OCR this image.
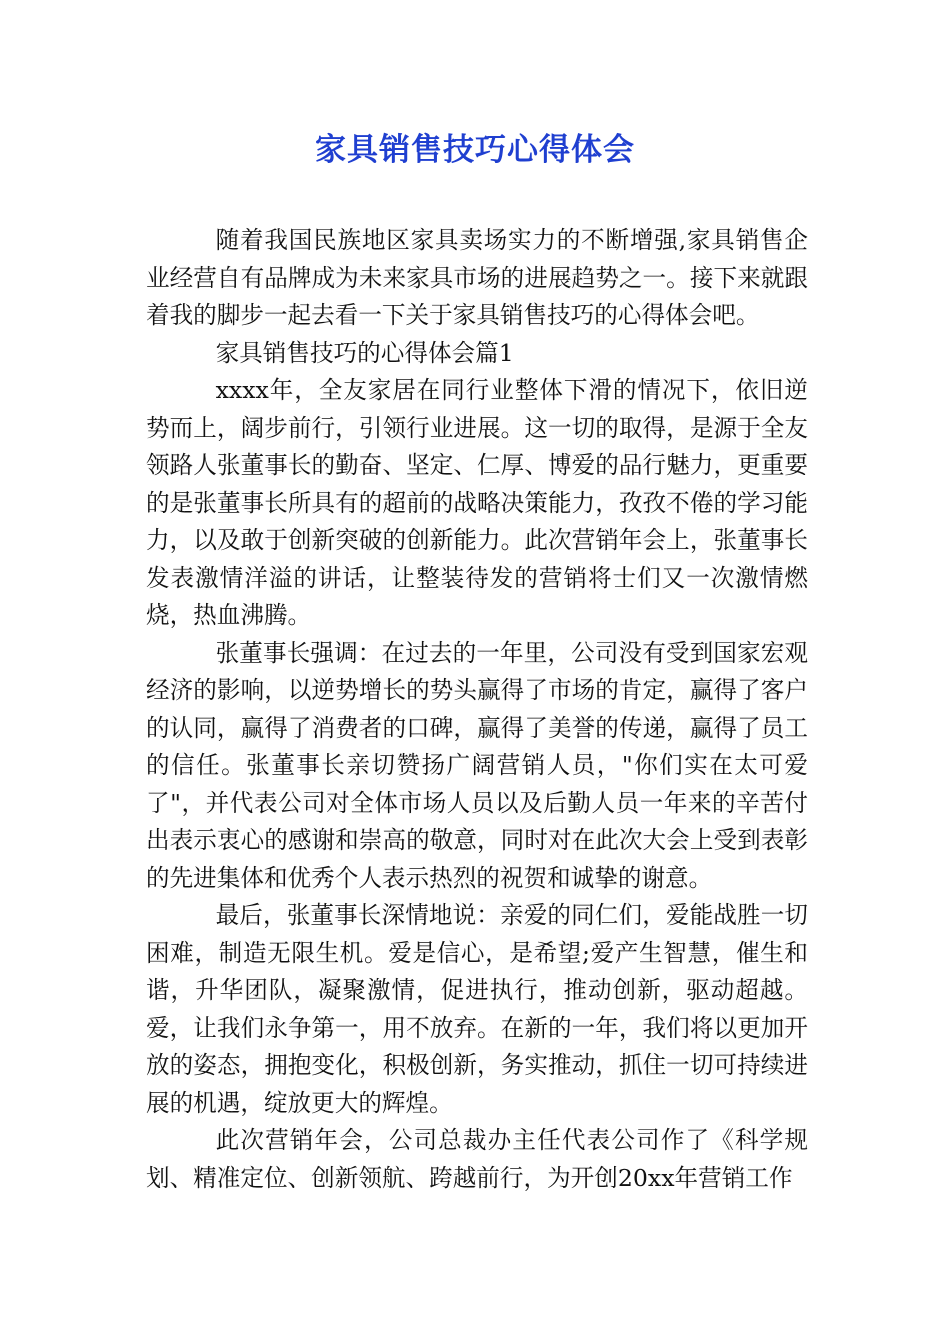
家具销售技巧心得体会

随着我国民族地区家具卖场实力的不断增强,家具销售企业经营自有品牌成为未来家具市场的进展趋势之一。接下来就跟着我的脚步一起去看一下关于家具销售技巧的心得体会吧。

家具销售技巧的心得体会篇1

xxxx年，全友家居在同行业整体下滑的情况下，依旧逆势而上，阔步前行，引领行业进展。这一切的取得，是源于全友领路人张董事长的勤奋、坚定、仁厚、博爱的品行魅力，更重要的是张董事长所具有的超前的战略决策能力，孜孜不倦的学习能力，以及敢于创新突破的创新能力。此次营销年会上，张董事长发表激情洋溢的讲话，让整装待发的营销将士们又一次激情燃烧，热血沸腾。

张董事长强调：在过去的一年里，公司没有受到国家宏观经济的影响，以逆势增长的势头赢得了市场的肯定，赢得了客户的认同，赢得了消费者的口碑，赢得了美誉的传递，赢得了员工的信任。张董事长亲切赞扬广阔营销人员，"你们实在太可爱了"，并代表公司对全体市场人员以及后勤人员一年来的辛苦付出表示衷心的感谢和崇高的敬意，同时对在此次大会上受到表彰的先进集体和优秀个人表示热烈的祝贺和诚挚的谢意。

最后，张董事长深情地说：亲爱的同仁们，爱能战胜一切困难，制造无限生机。爱是信心，是希望;爱产生智慧，催生和谐，升华团队，凝聚激情，促进执行，推动创新，驱动超越。爱，让我们永争第一，用不放弃。在新的一年，我们将以更加开放的姿态，拥抱变化，积极创新，务实推动，抓住一切可持续进展的机遇，绽放更大的辉煌。

此次营销年会，公司总裁办主任代表公司作了《科学规划、精准定位、创新领航、跨越前行，为开创20xx年营销工作
